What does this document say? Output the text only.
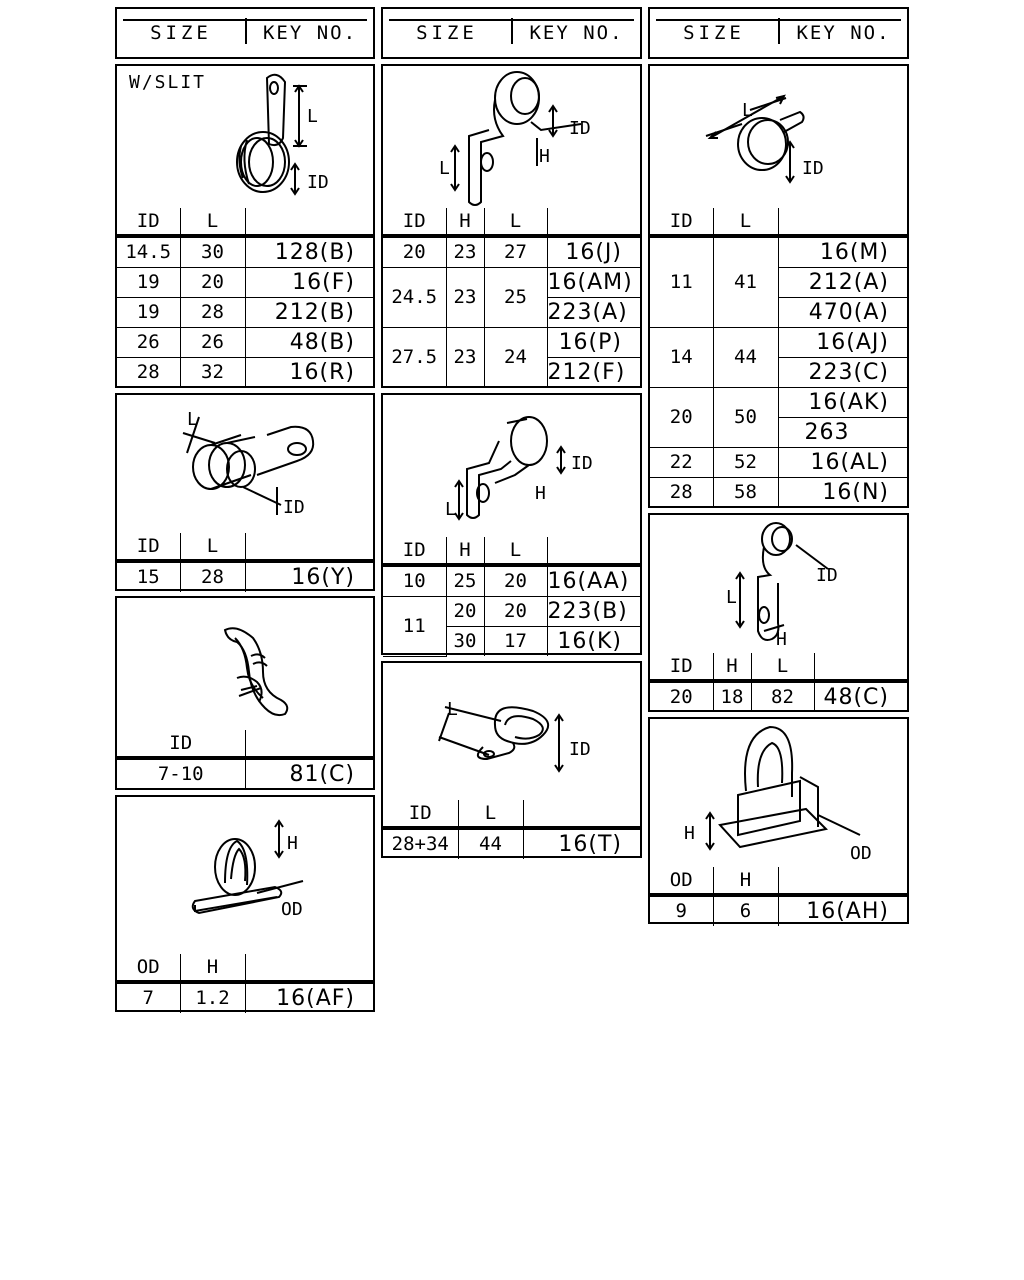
SIZE	KEY NO.	SIZE	KEY NO.	SIZE	KEY NO.
W/SLIT
L
ID
ID	L	
14.5	30	128(B)
19	20	16(F)
19	28	212(B)
26	26	48(B)
28	32	16(R)
L
ID
ID	L	
15	28	16(Y)
ID	
7-10	81(C)
H
OD
OD	H	
7	1.2	16(AF)
L
ID
H
ID	H	L	
20	23	27	16(J)
24.5	23	25	16(AM)
			223(A)
27.5	23	24	16(P)
			212(F)
L
ID
H
ID	H	L	
10	25	20	16(AA)
11	20	20	223(B)
	30	17	16(K)
L
ID
ID	L	
28+34	44	16(T)
L
ID
ID	L	
11	41	16(M)
		212(A)
		470(A)
14	44	16(AJ)
		223(C)
20	50	16(AK)
		263
22	52	16(AL)
28	58	16(N)
L
ID
H
ID	H	L	
20	18	82	48(C)
H
OD
OD	H	
9	6	16(AH)
